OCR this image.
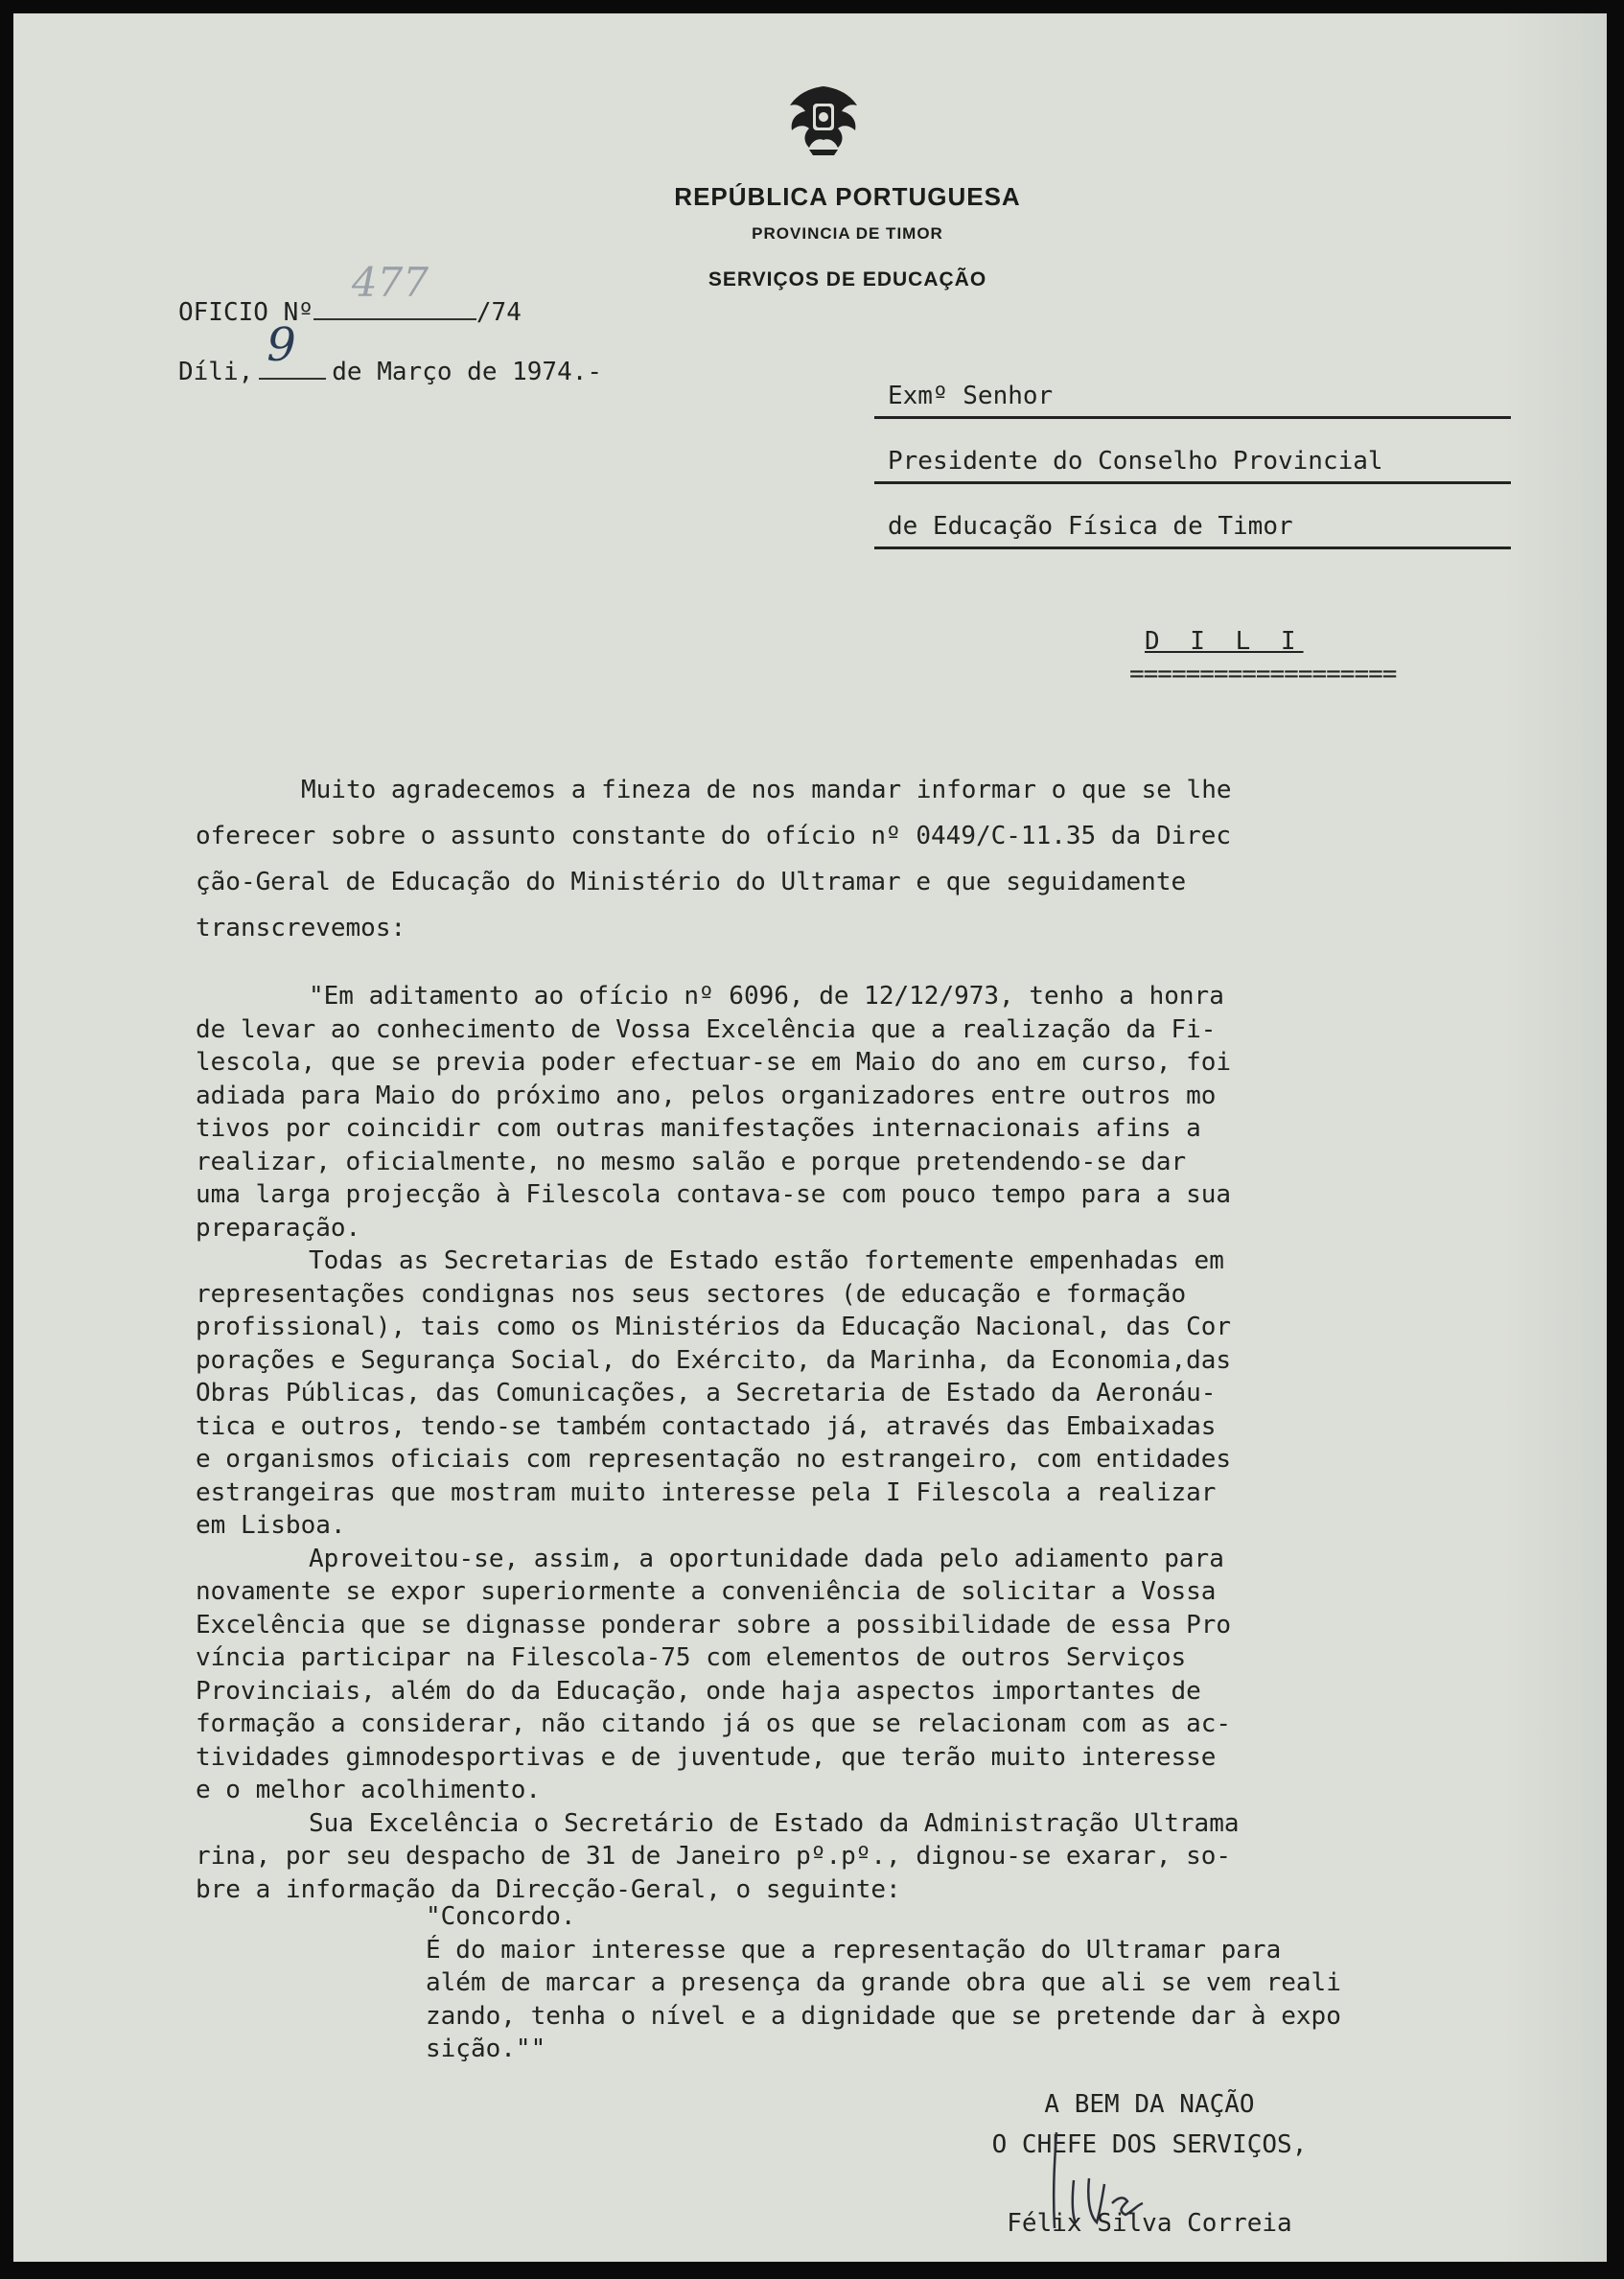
REPÚBLICA PORTUGUESA
PROVINCIA DE TIMOR
SERVIÇOS DE EDUCAÇÃO
OFICIO Nº
477
/74
Díli, 9 de Março de 1974.-
Exmº Senhor
Presidente do Conselho Provincial
de Educação Física de Timor
D I L I
===================

Muito agradecemos a fineza de nos mandar informar o que se lhe

oferecer sobre o assunto constante do ofício nº 0449/C-11.35 da Direc

ção-Geral de Educação do Ministério do Ultramar e que seguidamente

transcrevemos:

"Em aditamento ao ofício nº 6096, de 12/12/973, tenho a honra
de levar ao conhecimento de Vossa Excelência que a realização da Fi-
lescola, que se previa poder efectuar-se em Maio do ano em curso, foi
adiada para Maio do próximo ano, pelos organizadores entre outros mo
tivos por coincidir com outras manifestações internacionais afins a
realizar, oficialmente, no mesmo salão e porque pretendendo-se dar
uma larga projecção à Filescola contava-se com pouco tempo para a sua
preparação.
Todas as Secretarias de Estado estão fortemente empenhadas em
representações condignas nos seus sectores (de educação e formação
profissional), tais como os Ministérios da Educação Nacional, das Cor
porações e Segurança Social, do Exército, da Marinha, da Economia,das
Obras Públicas, das Comunicações, a Secretaria de Estado da Aeronáu-
tica e outros, tendo-se também contactado já, através das Embaixadas
e organismos oficiais com representação no estrangeiro, com entidades
estrangeiras que mostram muito interesse pela I Filescola a realizar
em Lisboa.
Aproveitou-se, assim, a oportunidade dada pelo adiamento para
novamente se expor superiormente a conveniência de solicitar a Vossa
Excelência que se dignasse ponderar sobre a possibilidade de essa Pro
víncia participar na Filescola-75 com elementos de outros Serviços
Provinciais, além do da Educação, onde haja aspectos importantes de
formação a considerar, não citando já os que se relacionam com as ac-
tividades gimnodesportivas e de juventude, que terão muito interesse
e o melhor acolhimento.
Sua Excelência o Secretário de Estado da Administração Ultrama
rina, por seu despacho de 31 de Janeiro pº.pº., dignou-se exarar, so-
bre a informação da Direcção-Geral, o seguinte:
"Concordo.
É do maior interesse que a representação do Ultramar para
além de marcar a presença da grande obra que ali se vem reali
zando, tenha o nível e a dignidade que se pretende dar à expo
sição.""
A BEM DA NAÇÃO
O CHEFE DOS SERVIÇOS,
Félix Silva Correia
